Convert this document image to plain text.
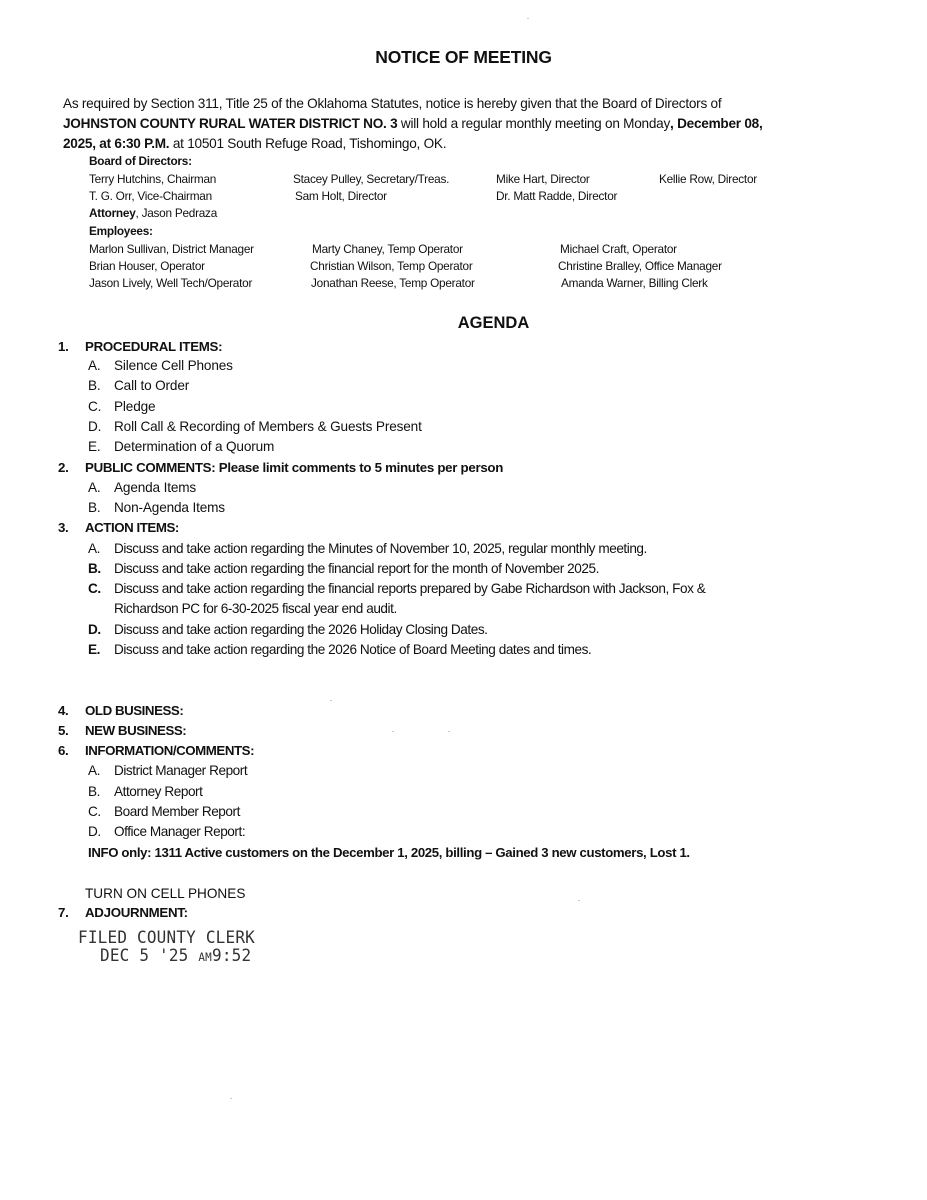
NOTICE OF MEETING
As required by Section 311, Title 25 of the Oklahoma Statutes, notice is hereby given that the Board of Directors of
JOHNSTON COUNTY RURAL WATER DISTRICT NO. 3 will hold a regular monthly meeting on Monday, December 08,
2025, at 6:30 P.M. at 10501 South Refuge Road, Tishomingo, OK.
Board of Directors:
Terry Hutchins, Chairman	Stacey Pulley, Secretary/Treas.	Mike Hart, Director	Kellie Row, Director
T. G. Orr, Vice-Chairman	Sam Holt, Director	Dr. Matt Radde, Director
Attorney, Jason Pedraza
Employees:
Marlon Sullivan, District Manager	Marty Chaney, Temp Operator	Michael Craft, Operator
Brian Houser, Operator	Christian Wilson, Temp Operator	Christine Bralley, Office Manager
Jason Lively, Well Tech/Operator	Jonathan Reese, Temp Operator	Amanda Warner, Billing Clerk
AGENDA
1. PROCEDURAL ITEMS:
A. Silence Cell Phones
B. Call to Order
C. Pledge
D. Roll Call & Recording of Members & Guests Present
E. Determination of a Quorum
2. PUBLIC COMMENTS: Please limit comments to 5 minutes per person
A. Agenda Items
B. Non-Agenda Items
3. ACTION ITEMS:
A. Discuss and take action regarding the Minutes of November 10, 2025, regular monthly meeting.
B. Discuss and take action regarding the financial report for the month of November 2025.
C. Discuss and take action regarding the financial reports prepared by Gabe Richardson with Jackson, Fox &
Richardson PC for 6-30-2025 fiscal year end audit.
D. Discuss and take action regarding the 2026 Holiday Closing Dates.
E. Discuss and take action regarding the 2026 Notice of Board Meeting dates and times.
4. OLD BUSINESS:
5. NEW BUSINESS:
6. INFORMATION/COMMENTS:
A. District Manager Report
B. Attorney Report
C. Board Member Report
D. Office Manager Report:
INFO only: 1311 Active customers on the December 1, 2025, billing – Gained 3 new customers, Lost 1.
TURN ON CELL PHONES
7. ADJOURNMENT:
FILED COUNTY CLERK
DEC 5 '25 AM9:52
